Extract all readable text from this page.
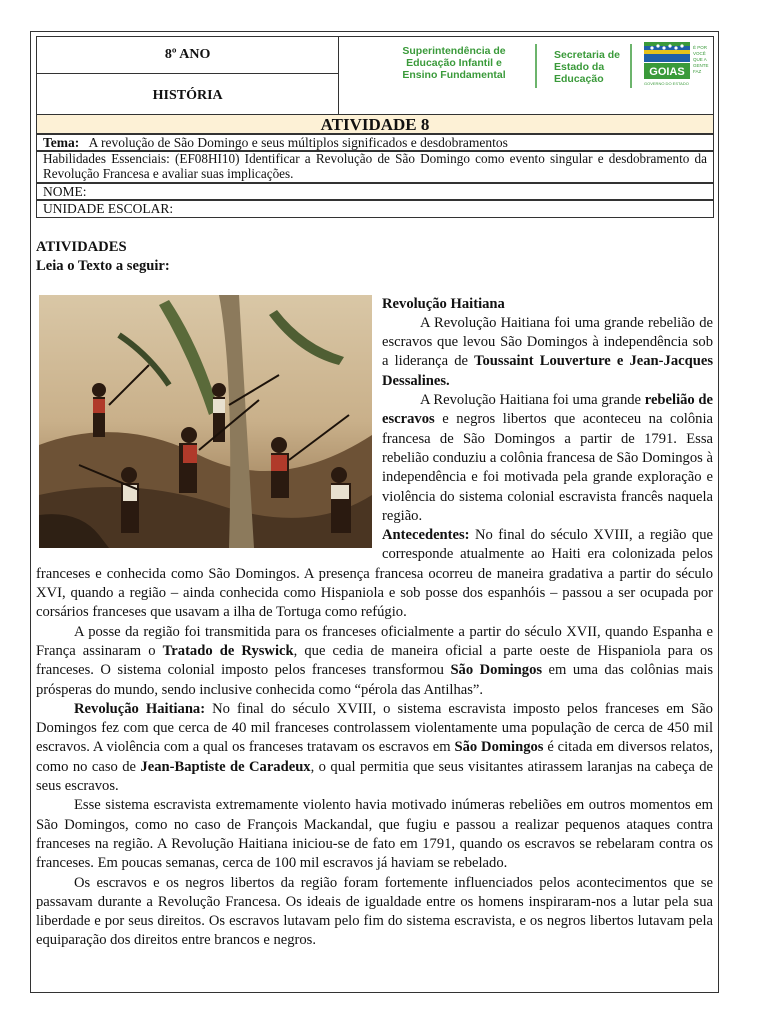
8º ANO	
HISTÓRIA
Superintendência de
Educação Infantil e
Ensino Fundamental
Secretaria de
Estado da
Educação
GOIAS
É POR
VOCÊ
QUE A
GENTE
FAZ
GOVERNO DO ESTADO
ATIVIDADE 8
Tema: A revolução de São Domingo e seus múltiplos significados e desdobramentos
Habilidades Essenciais: (EF08HI10) Identificar a Revolução de São Domingo como evento singular e desdobramento da Revolução Francesa e avaliar suas implicações.
NOME:
UNIDADE ESCOLAR:

ATIVIDADES

Leia o Texto a seguir:

Revolução Haitiana

A Revolução Haitiana foi uma grande rebelião de escravos que levou São Domingos à independência sob a liderança de Toussaint Louverture e Jean-Jacques Dessalines.

A Revolução Haitiana foi uma grande rebelião de escravos e negros libertos que aconteceu na colônia francesa de São Domingos a partir de 1791. Essa rebelião conduziu a colônia francesa de São Domingos à independência e foi motivada pela grande exploração e violência do sistema colonial escravista francês naquela região.

Antecedentes: No final do século XVIII, a região que corresponde atualmente ao Haiti era colonizada pelos franceses e conhecida como São Domingos. A presença francesa ocorreu de maneira gradativa a partir do século XVI, quando a região – ainda conhecida como Hispaniola e sob posse dos espanhóis – passou a ser ocupada por corsários franceses que usavam a ilha de Tortuga como refúgio.

A posse da região foi transmitida para os franceses oficialmente a partir do século XVII, quando Espanha e França assinaram o Tratado de Ryswick, que cedia de maneira oficial a parte oeste de Hispaniola para os franceses. O sistema colonial imposto pelos franceses transformou São Domingos em uma das colônias mais prósperas do mundo, sendo inclusive conhecida como “pérola das Antilhas”.

Revolução Haitiana: No final do século XVIII, o sistema escravista imposto pelos franceses em São Domingos fez com que cerca de 40 mil franceses controlassem violentamente uma população de cerca de 450 mil escravos. A violência com a qual os franceses tratavam os escravos em São Domingos é citada em diversos relatos, como no caso de Jean-Baptiste de Caradeux, o qual permitia que seus visitantes atirassem laranjas na cabeça de seus escravos.

Esse sistema escravista extremamente violento havia motivado inúmeras rebeliões em outros momentos em São Domingos, como no caso de François Mackandal, que fugiu e passou a realizar pequenos ataques contra franceses na região. A Revolução Haitiana iniciou-se de fato em 1791, quando os escravos se rebelaram contra os franceses. Em poucas semanas, cerca de 100 mil escravos já haviam se rebelado.

Os escravos e os negros libertos da região foram fortemente influenciados pelos acontecimentos que se passavam durante a Revolução Francesa. Os ideais de igualdade entre os homens inspiraram-nos a lutar pela sua liberdade e por seus direitos. Os escravos lutavam pelo fim do sistema escravista, e os negros libertos lutavam pela equiparação dos direitos entre brancos e negros.
